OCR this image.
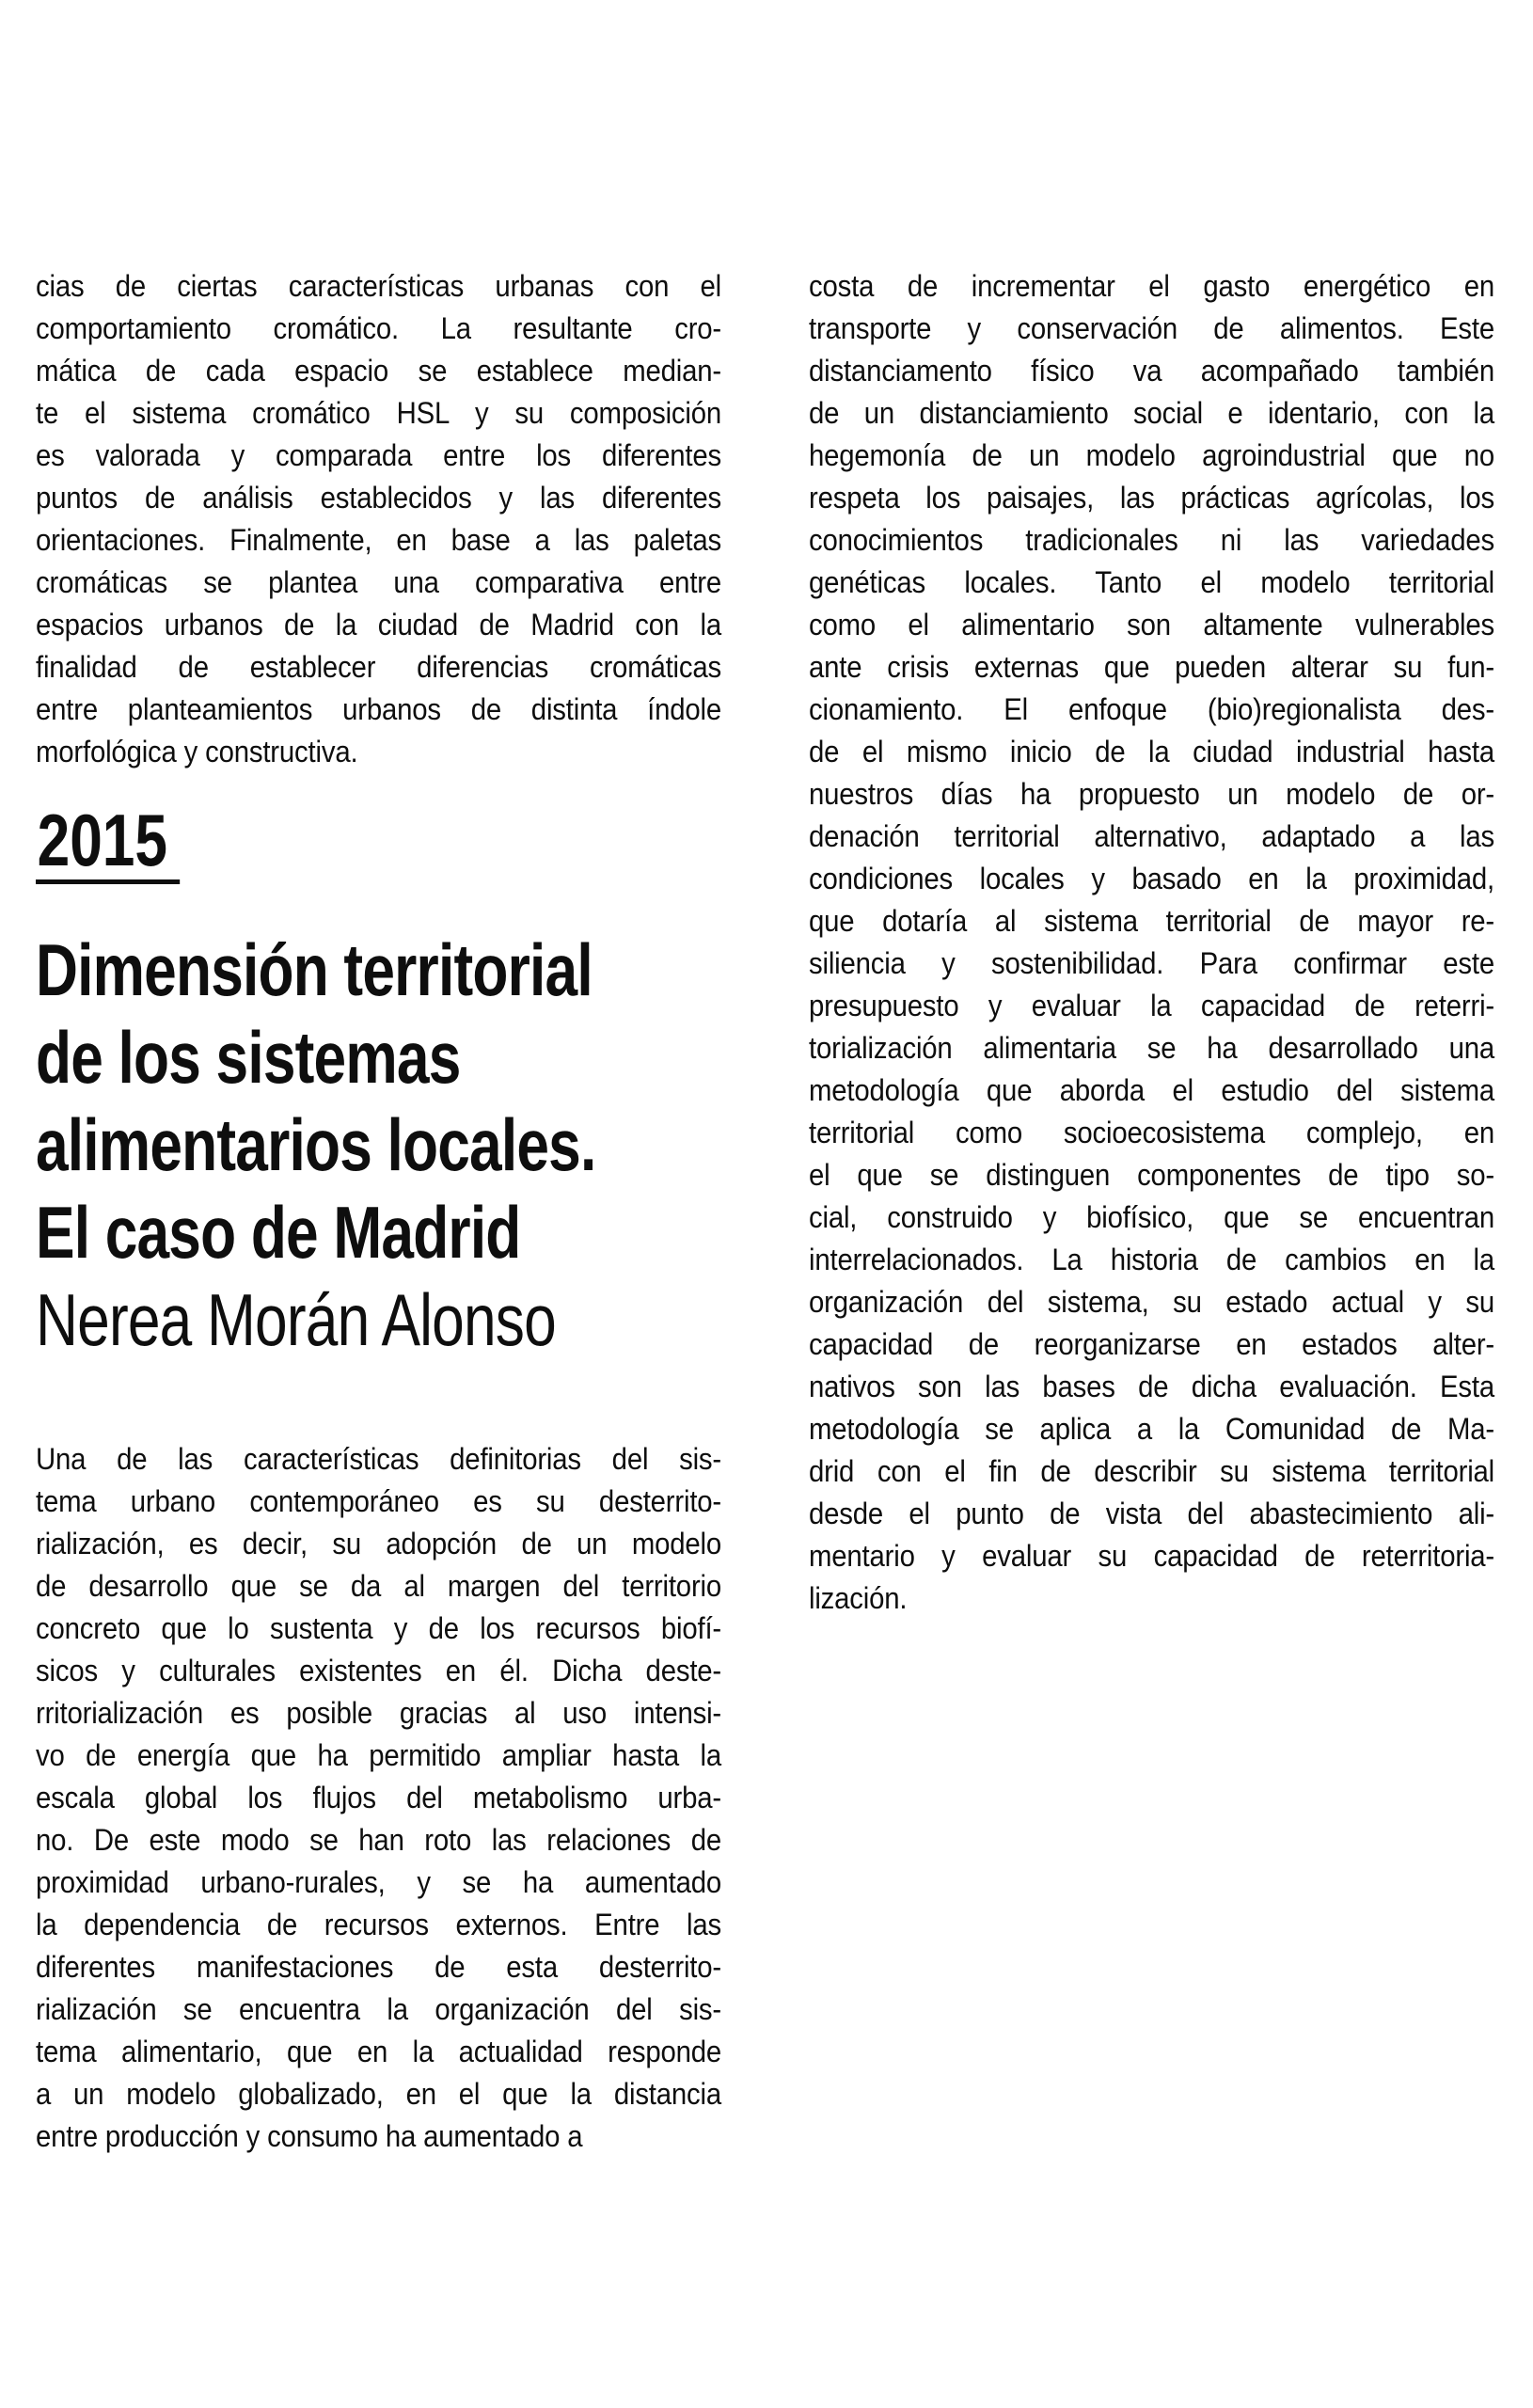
cias de ciertas características urbanas con el
comportamiento cromático. La resultante cro-
mática de cada espacio se establece median-
te el sistema cromático HSL y su composición
es valorada y comparada entre los diferentes
puntos de análisis establecidos y las diferentes
orientaciones. Finalmente, en base a las paletas
cromáticas se plantea una comparativa entre
espacios urbanos de la ciudad de Madrid con la
finalidad de establecer diferencias cromáticas
entre planteamientos urbanos de distinta índole
morfológica y constructiva.
2015
Dimensión territorial
de los sistemas
alimentarios locales.
El caso de Madrid
Nerea Morán Alonso
Una de las características definitorias del sis-
tema urbano contemporáneo es su desterrito-
rialización, es decir, su adopción de un modelo
de desarrollo que se da al margen del territorio
concreto que lo sustenta y de los recursos biofí-
sicos y culturales existentes en él. Dicha deste-
rritorialización es posible gracias al uso intensi-
vo de energía que ha permitido ampliar hasta la
escala global los flujos del metabolismo urba-
no. De este modo se han roto las relaciones de
proximidad urbano-rurales, y se ha aumentado
la dependencia de recursos externos. Entre las
diferentes manifestaciones de esta desterrito-
rialización se encuentra la organización del sis-
tema alimentario, que en la actualidad responde
a un modelo globalizado, en el que la distancia
entre producción y consumo ha aumentado a
costa de incrementar el gasto energético en
transporte y conservación de alimentos. Este
distanciamento físico va acompañado también
de un distanciamiento social e identario, con la
hegemonía de un modelo agroindustrial que no
respeta los paisajes, las prácticas agrícolas, los
conocimientos tradicionales ni las variedades
genéticas locales. Tanto el modelo territorial
como el alimentario son altamente vulnerables
ante crisis externas que pueden alterar su fun-
cionamiento. El enfoque (bio)regionalista des-
de el mismo inicio de la ciudad industrial hasta
nuestros días ha propuesto un modelo de or-
denación territorial alternativo, adaptado a las
condiciones locales y basado en la proximidad,
que dotaría al sistema territorial de mayor re-
siliencia y sostenibilidad. Para confirmar este
presupuesto y evaluar la capacidad de reterri-
torialización alimentaria se ha desarrollado una
metodología que aborda el estudio del sistema
territorial como socioecosistema complejo, en
el que se distinguen componentes de tipo so-
cial, construido y biofísico, que se encuentran
interrelacionados. La historia de cambios en la
organización del sistema, su estado actual y su
capacidad de reorganizarse en estados alter-
nativos son las bases de dicha evaluación. Esta
metodología se aplica a la Comunidad de Ma-
drid con el fin de describir su sistema territorial
desde el punto de vista del abastecimiento ali-
mentario y evaluar su capacidad de reterritoria-
lización.
